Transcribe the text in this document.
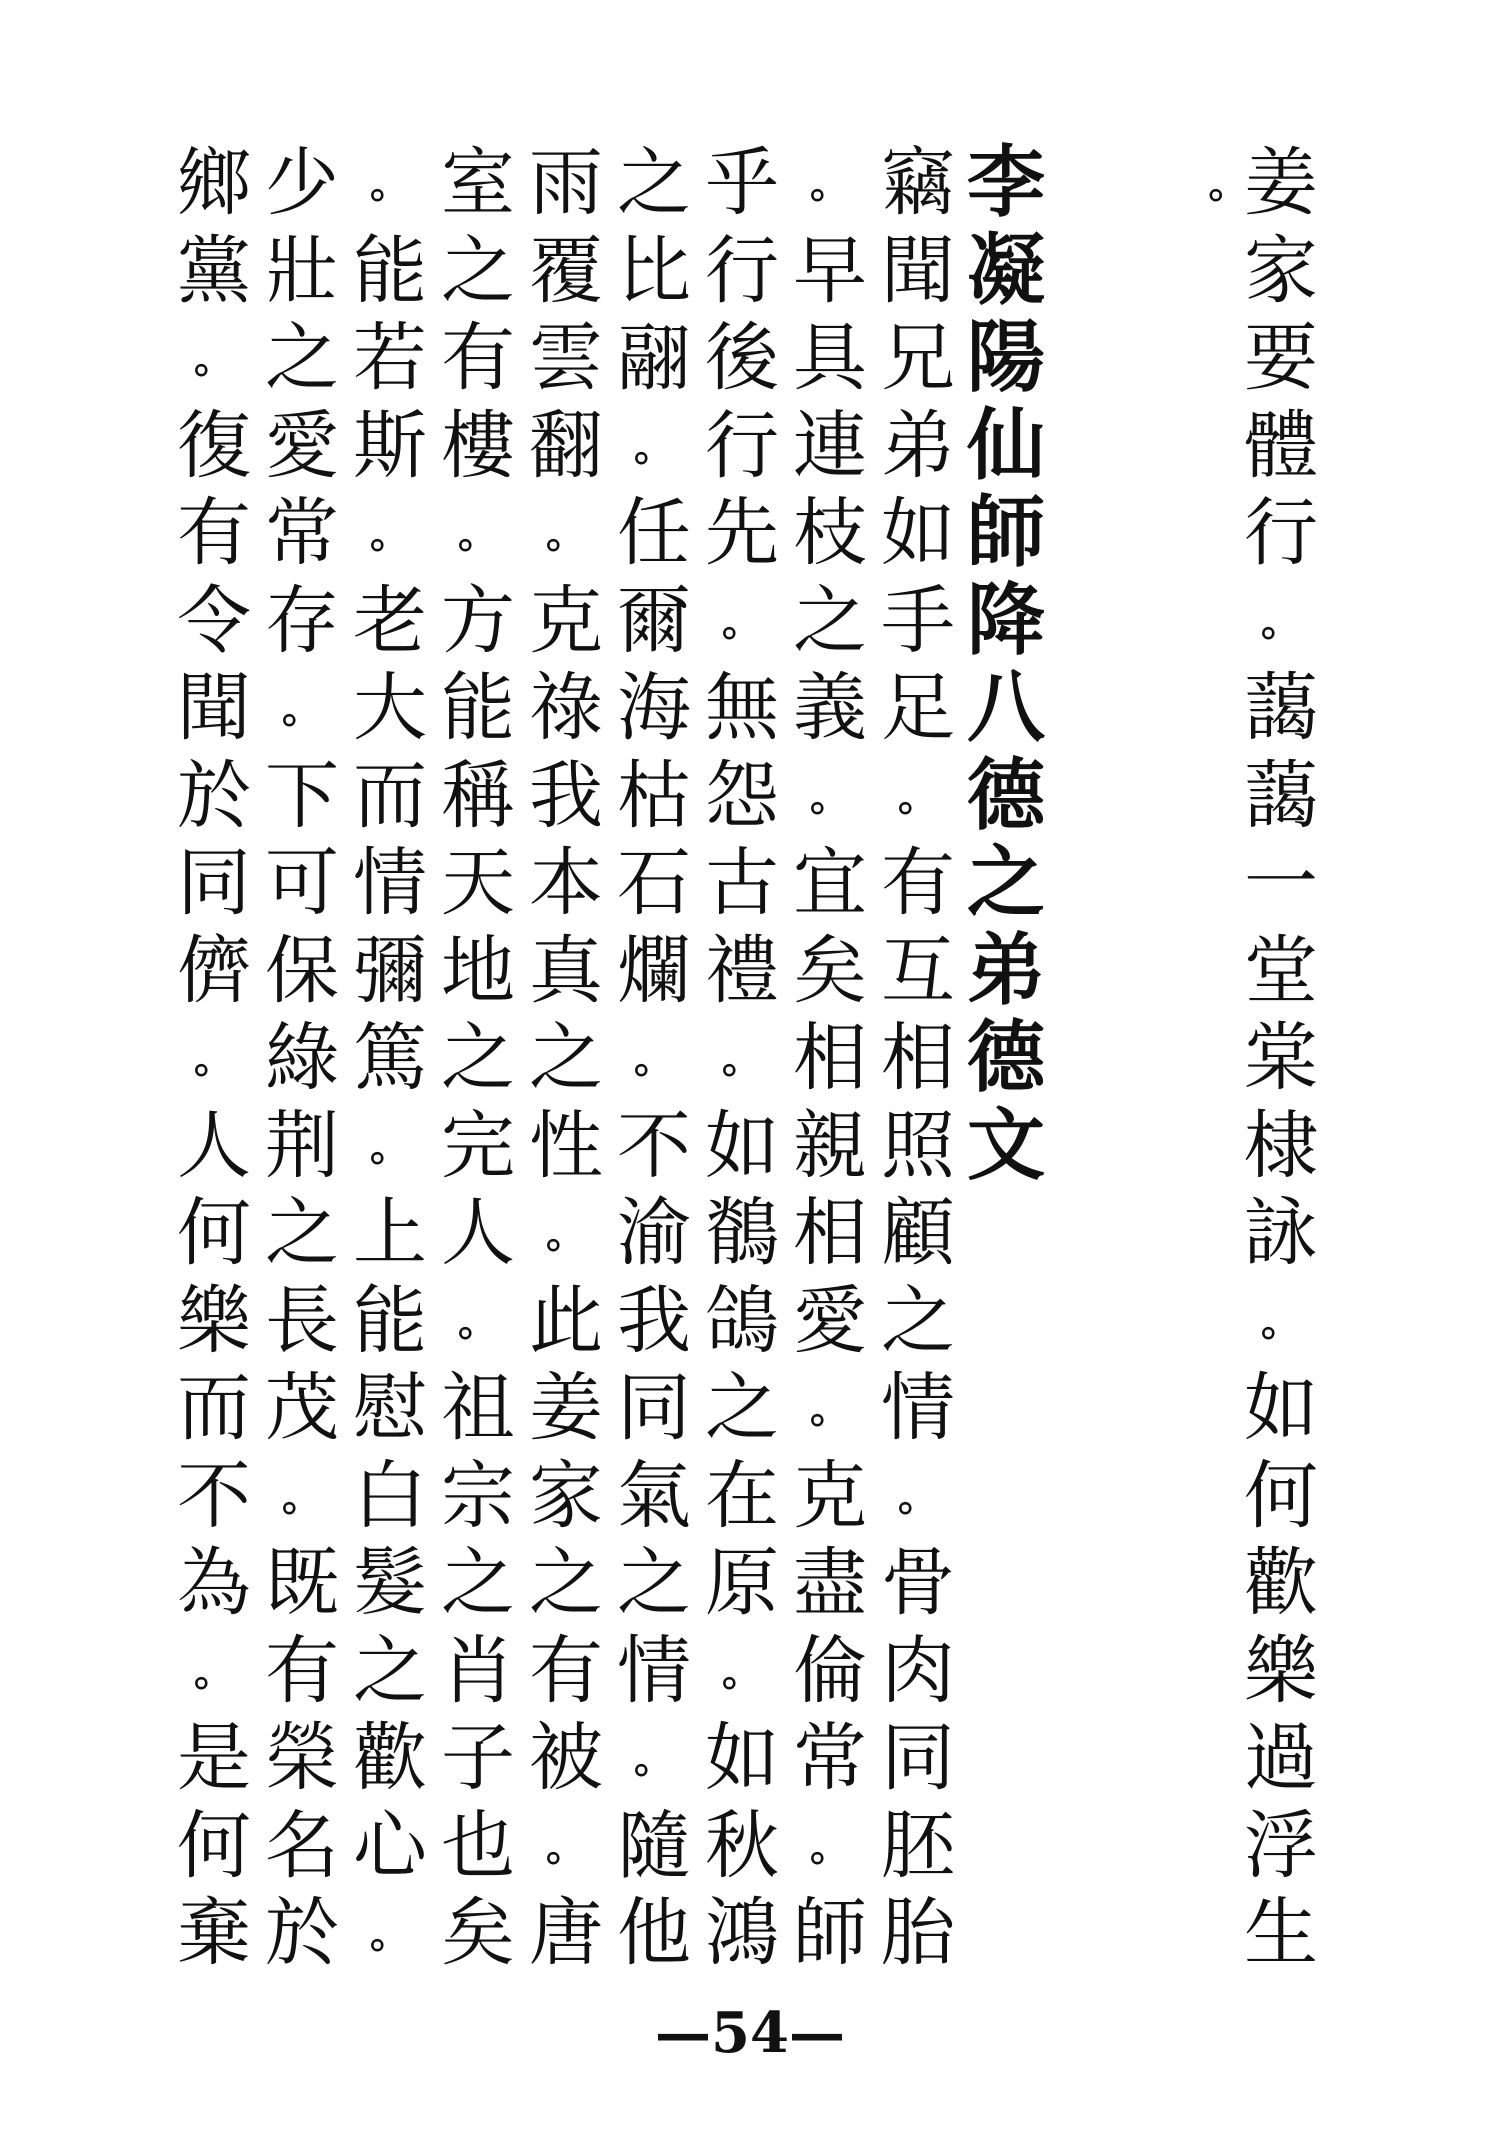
。
姜
家
要
體
行
。
藹
藹
一
堂
棠
棣
詠
。
如
何
歡
樂
過
浮
生
李
凝
陽
仙
師
降
八
德
之
弟
德
文
竊
聞
兄
弟
如
手
足
。
有
互
相
照
顧
之
情
。
骨
肉
同
胚
胎
。
早
具
連
枝
之
義
。
宜
矣
相
親
相
愛
。
克
盡
倫
常
。
師
乎
行
後
行
先
。
無
怨
古
禮
。
如
鶺
鴿
之
在
原
。
如
秋
鴻
之
比
翮
。
任
爾
海
枯
石
爛
。
不
渝
我
同
氣
之
情
。
隨
他
雨
覆
雲
翻
。
克
祿
我
本
真
之
性
。
此
姜
家
之
有
被
。
唐
室
之
有
樓
。
方
能
稱
天
地
之
完
人
。
祖
宗
之
肖
子
也
矣
。
能
若
斯
。
老
大
而
情
彌
篤
。
上
能
慰
白
髮
之
歡
心
。
少
壯
之
愛
常
存
。
下
可
保
綠
荆
之
長
茂
。
既
有
榮
名
於
鄉
黨
。
復
有
令
聞
於
同
儕
。
人
何
樂
而
不
為
。
是
何
棄
—54—
